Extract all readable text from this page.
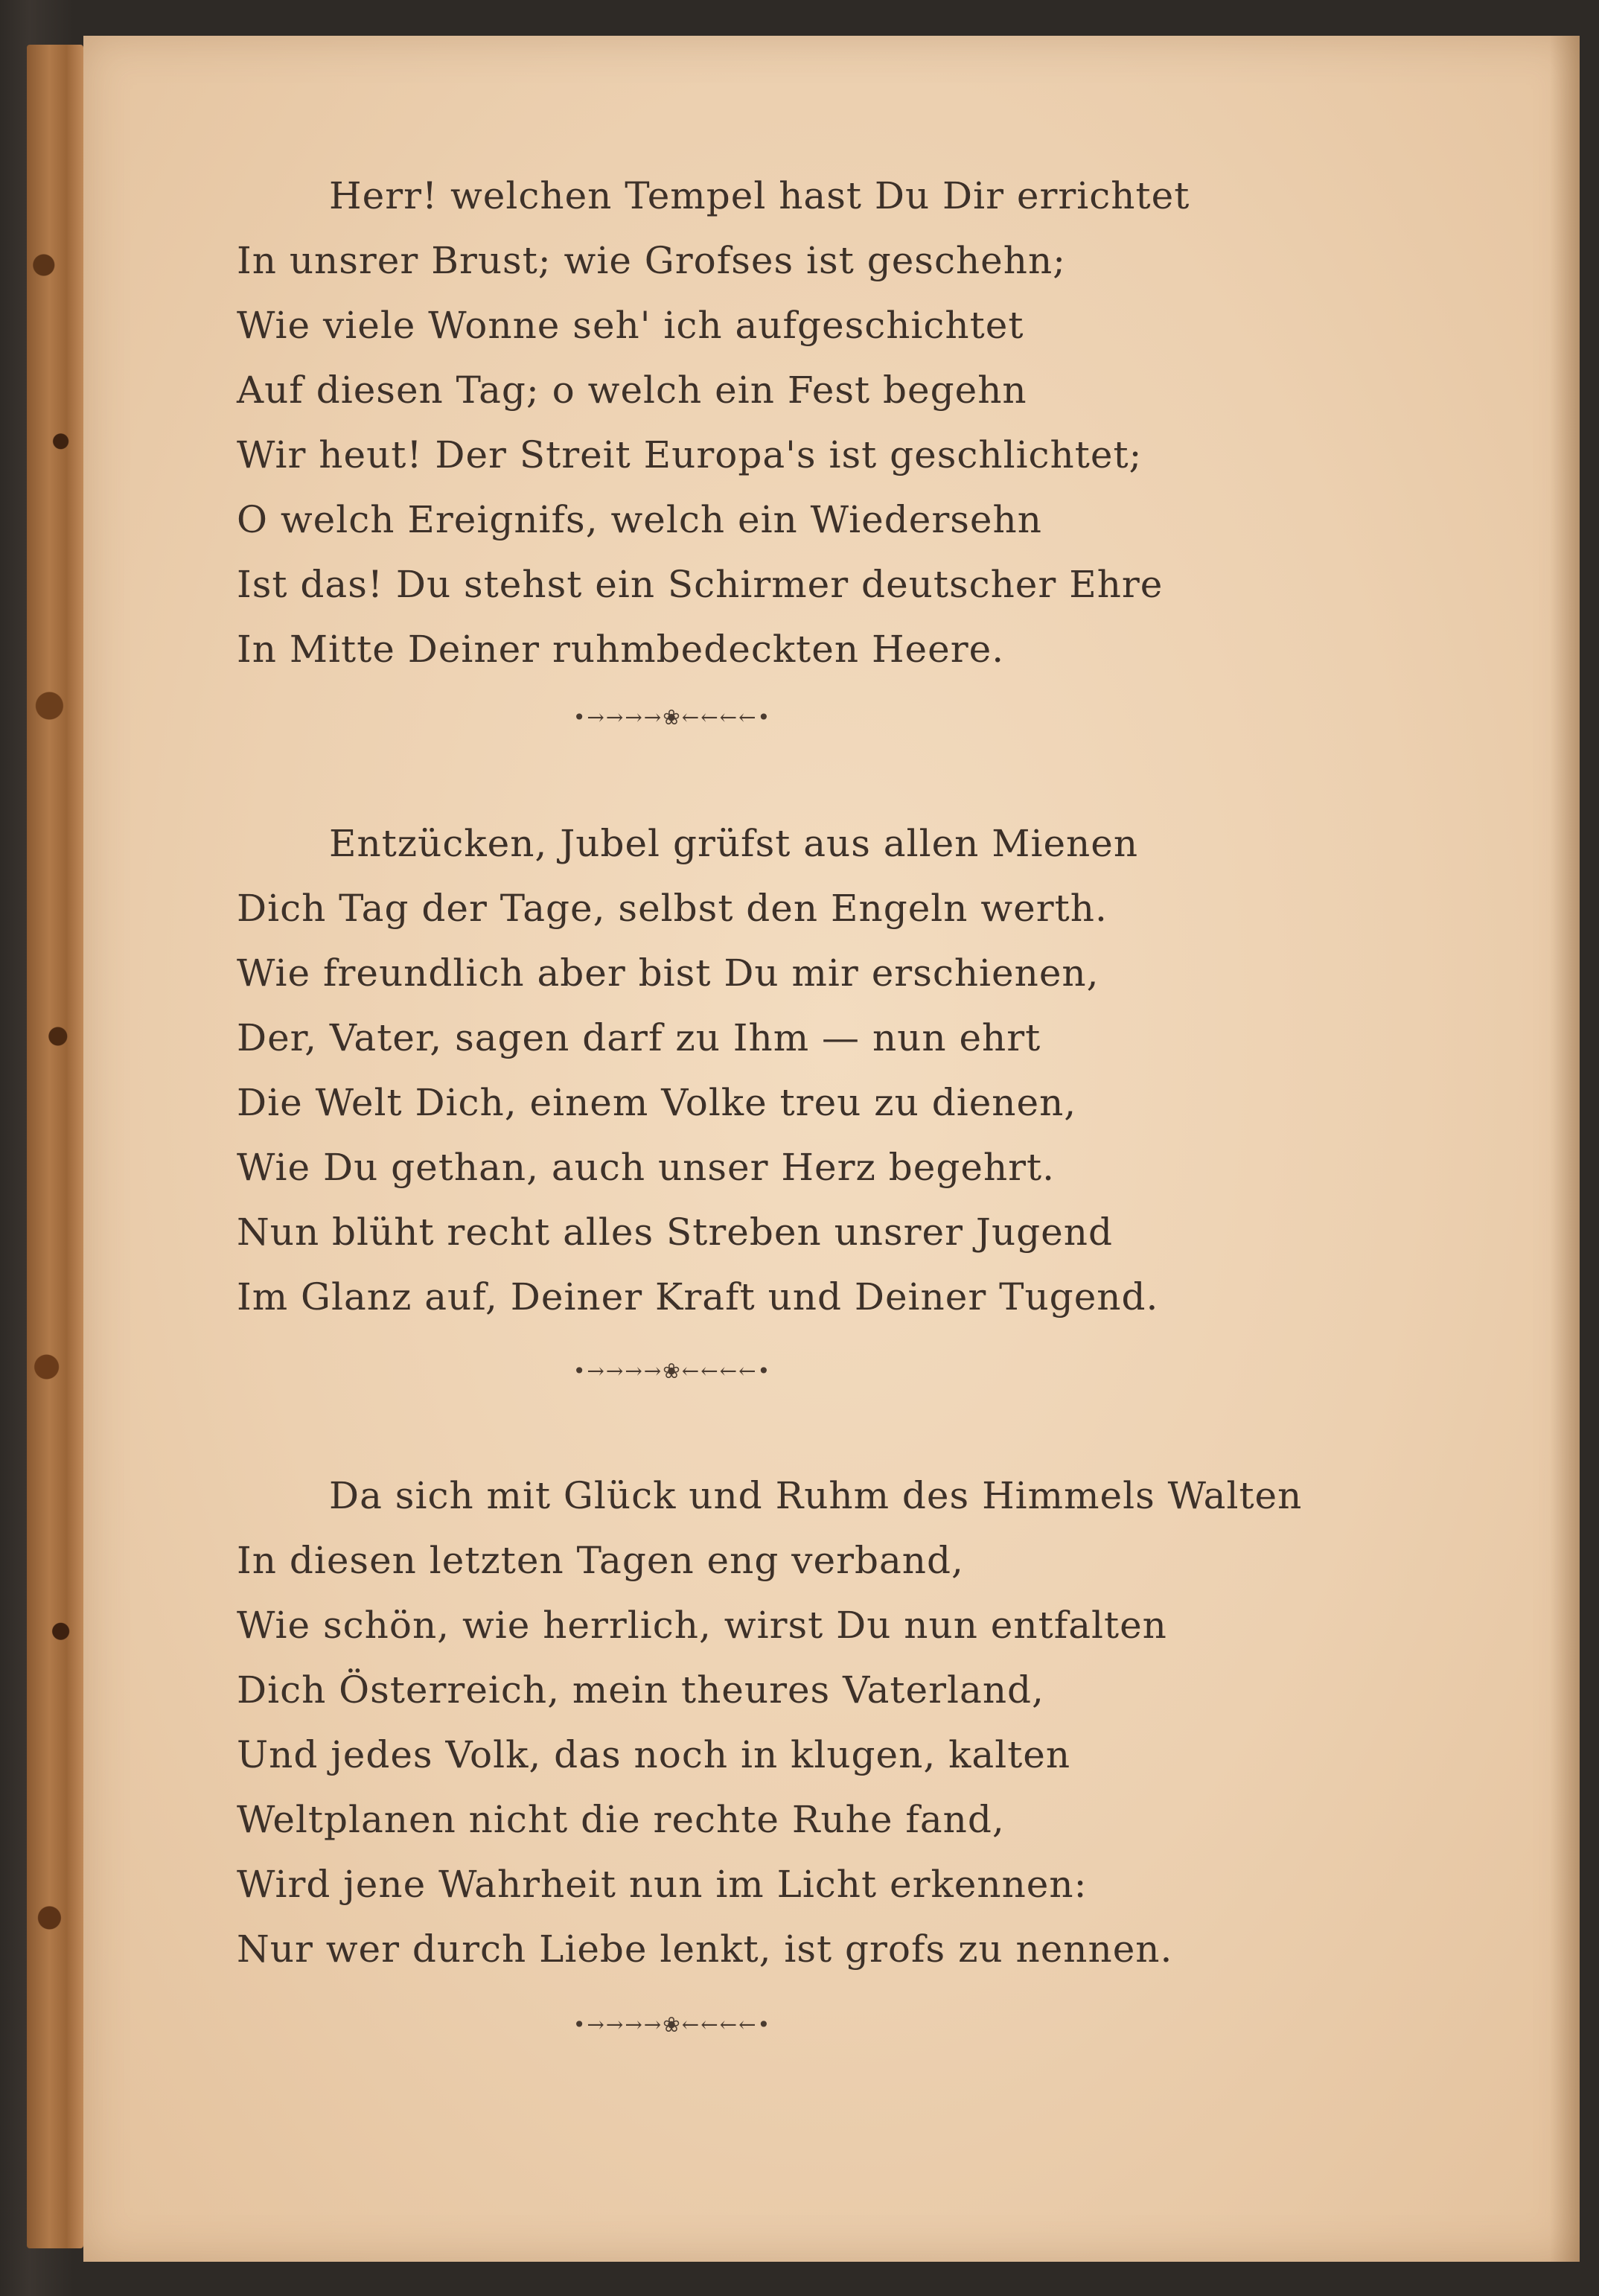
Herr! welchen Tempel hast Du Dir errichtet
In unsrer Brust; wie Grofses ist geschehn;
Wie viele Wonne seh' ich aufgeschichtet
Auf diesen Tag; o welch ein Fest begehn
Wir heut! Der Streit Europa's ist geschlichtet;
O welch Ereignifs, welch ein Wiedersehn
Ist das! Du stehst ein Schirmer deutscher Ehre
In Mitte Deiner ruhmbedeckten Heere.
•→→→→❀←←←←•
Entzücken, Jubel grüfst aus allen Mienen
Dich Tag der Tage, selbst den Engeln werth.
Wie freundlich aber bist Du mir erschienen,
Der, Vater, sagen darf zu Ihm — nun ehrt
Die Welt Dich, einem Volke treu zu dienen,
Wie Du gethan, auch unser Herz begehrt.
Nun blüht recht alles Streben unsrer Jugend
Im Glanz auf, Deiner Kraft und Deiner Tugend.
•→→→→❀←←←←•
Da sich mit Glück und Ruhm des Himmels Walten
In diesen letzten Tagen eng verband,
Wie schön, wie herrlich, wirst Du nun entfalten
Dich Österreich, mein theures Vaterland,
Und jedes Volk, das noch in klugen, kalten
Weltplanen nicht die rechte Ruhe fand,
Wird jene Wahrheit nun im Licht erkennen:
Nur wer durch Liebe lenkt, ist grofs zu nennen.
•→→→→❀←←←←•
